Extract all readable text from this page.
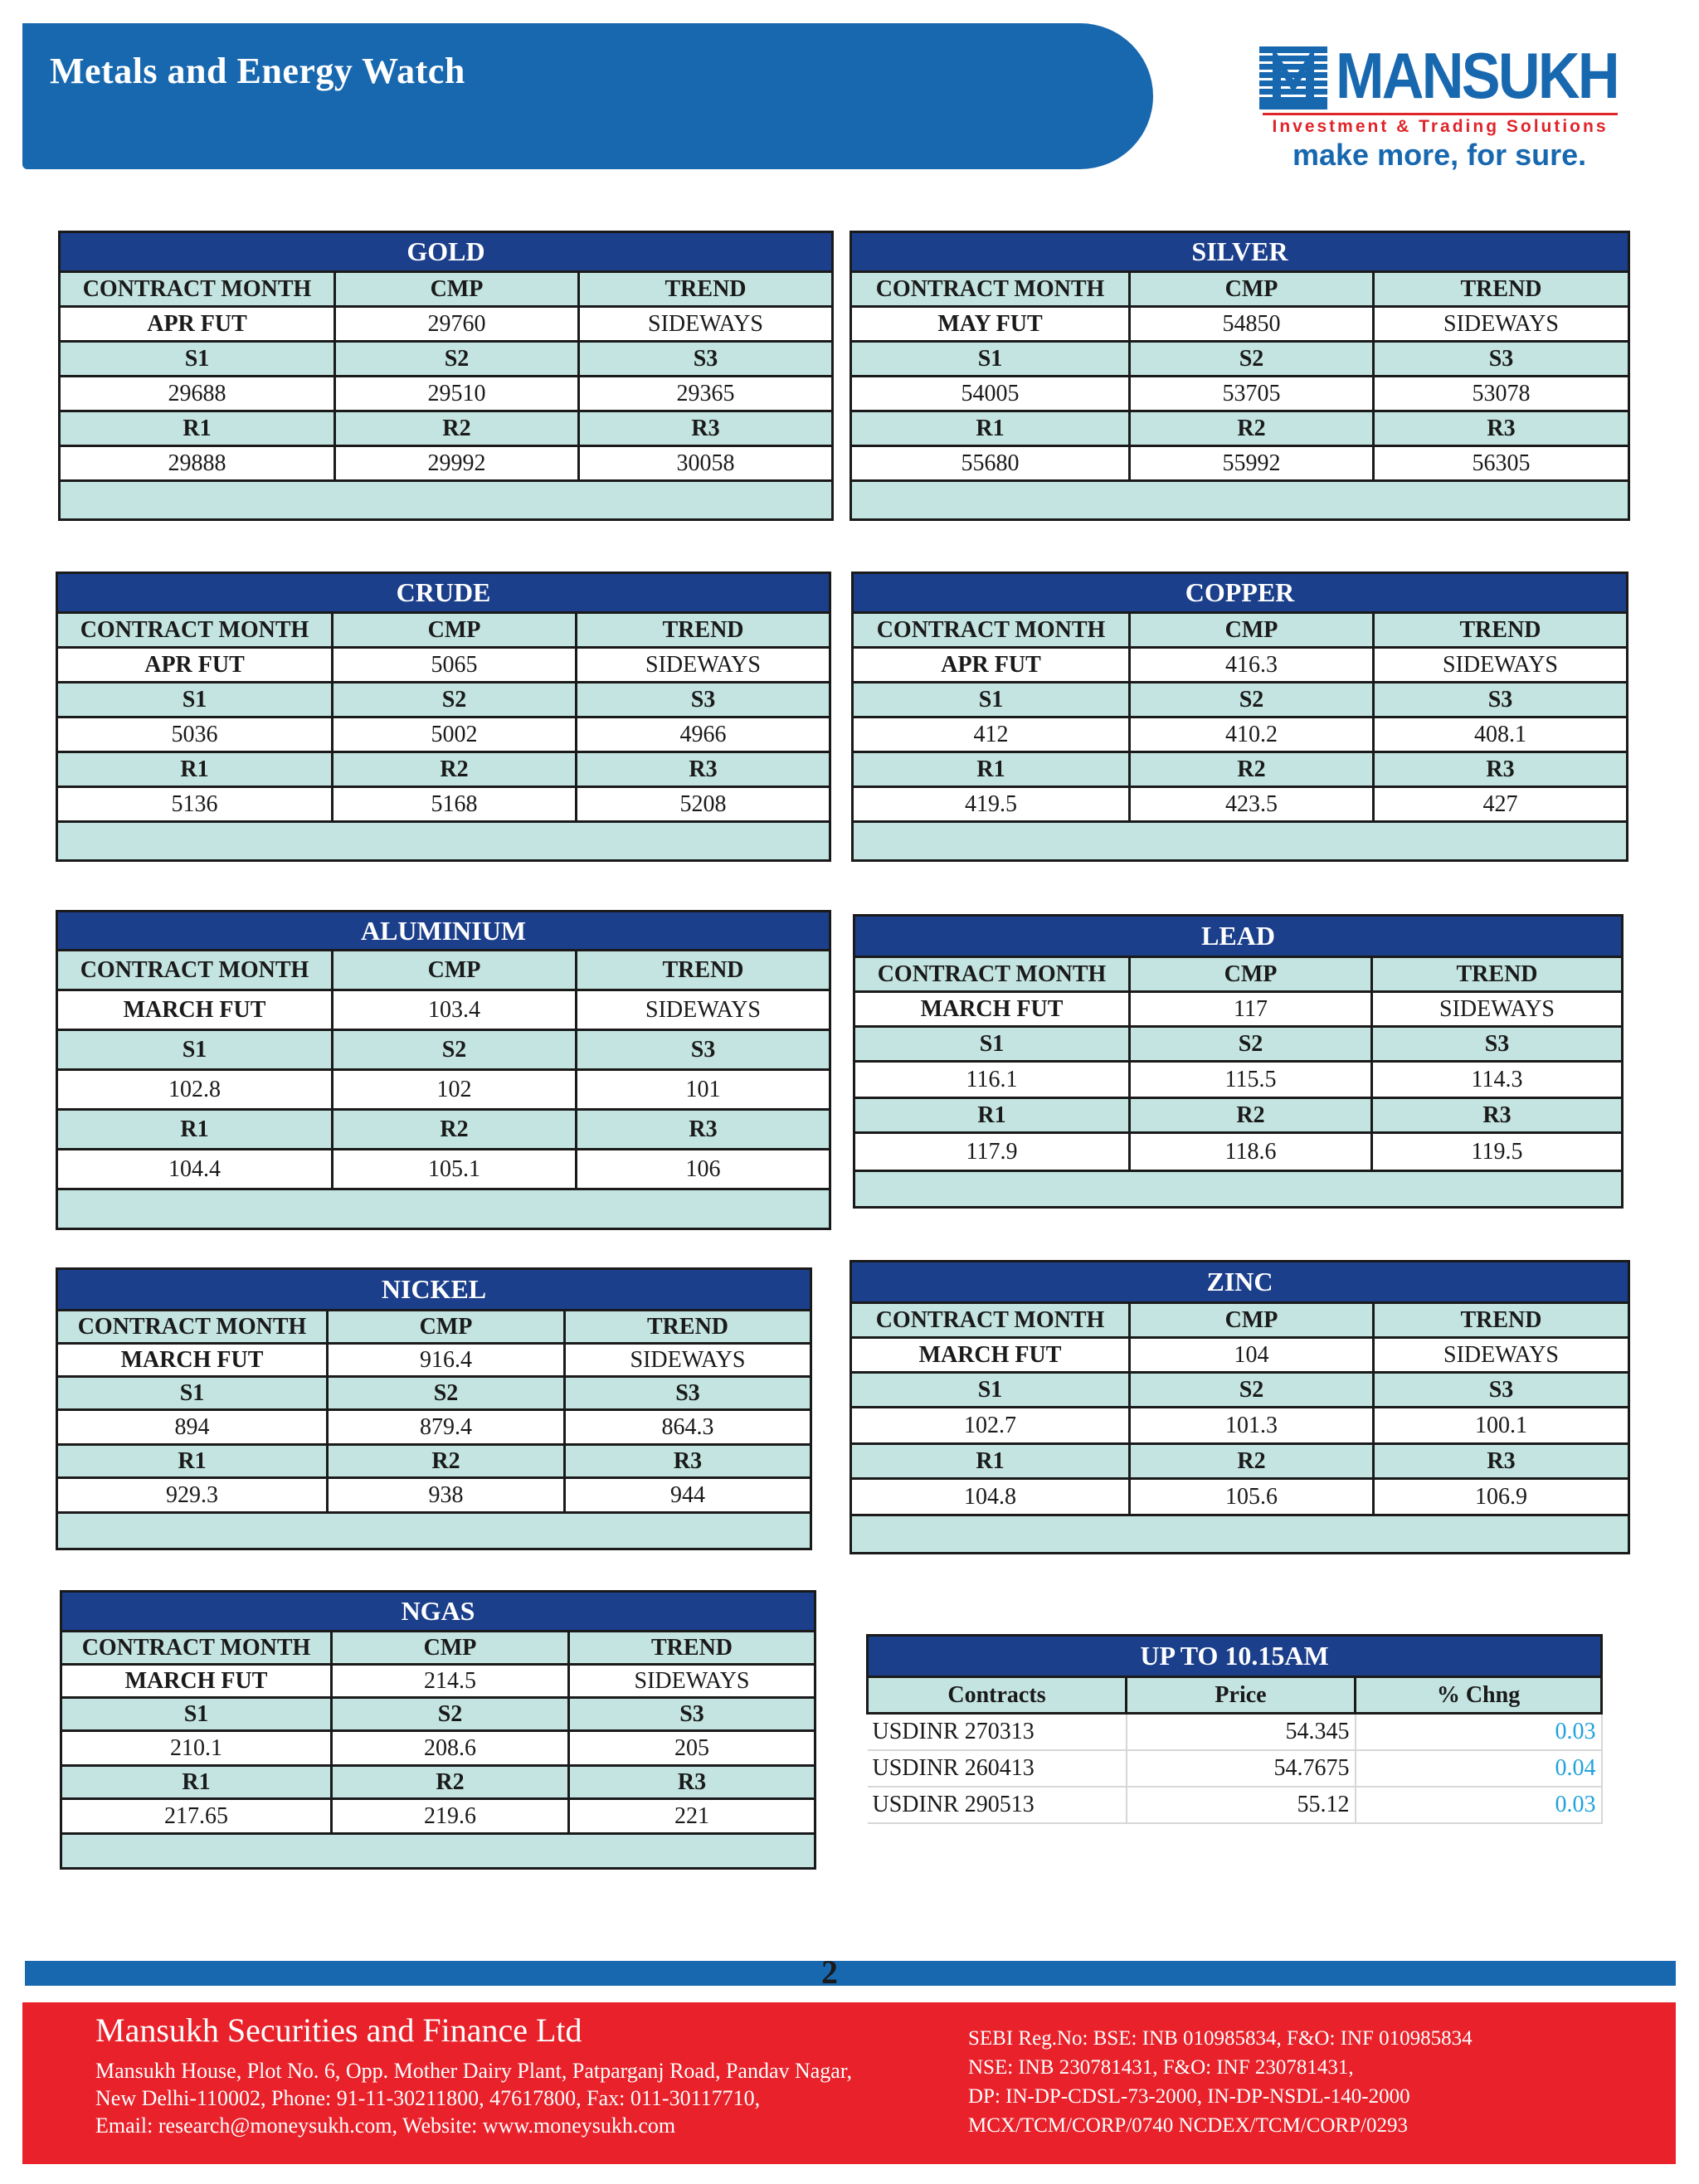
Metals and Energy Watch	MANSUKH
Investment & Trading Solutions
make more, for sure.
GOLD		
CONTRACT MONTH	CMP	TREND
APR FUT	29760	SIDEWAYS
S1	S2	S3
29688	29510	29365
R1	R2	R3
29888	29992	30058

SILVER		
CONTRACT MONTH	CMP	TREND
MAY FUT	54850	SIDEWAYS
S1	S2	S3
54005	53705	53078
R1	R2	R3
55680	55992	56305

CRUDE		
CONTRACT MONTH	CMP	TREND
APR FUT	5065	SIDEWAYS
S1	S2	S3
5036	5002	4966
R1	R2	R3
5136	5168	5208

COPPER		
CONTRACT MONTH	CMP	TREND
APR FUT	416.3	SIDEWAYS
S1	S2	S3
412	410.2	408.1
R1	R2	R3
419.5	423.5	427

ALUMINIUM		
CONTRACT MONTH	CMP	TREND
MARCH FUT	103.4	SIDEWAYS
S1	S2	S3
102.8	102	101
R1	R2	R3
104.4	105.1	106

LEAD		
CONTRACT MONTH	CMP	TREND
MARCH FUT	117	SIDEWAYS
S1	S2	S3
116.1	115.5	114.3
R1	R2	R3
117.9	118.6	119.5

NICKEL		
CONTRACT MONTH	CMP	TREND
MARCH FUT	916.4	SIDEWAYS
S1	S2	S3
894	879.4	864.3
R1	R2	R3
929.3	938	944

ZINC		
CONTRACT MONTH	CMP	TREND
MARCH FUT	104	SIDEWAYS
S1	S2	S3
102.7	101.3	100.1
R1	R2	R3
104.8	105.6	106.9

NGAS		
CONTRACT MONTH	CMP	TREND
MARCH FUT	214.5	SIDEWAYS
S1	S2	S3
210.1	208.6	205
R1	R2	R3
217.65	219.6	221

UP TO 10.15AM		
Contracts	Price	% Chng
USDINR 270313	54.345	0.03
USDINR 260413	54.7675	0.04
USDINR 290513	55.12	0.03
2
Mansukh Securities and Finance Ltd
Mansukh House, Plot No. 6, Opp. Mother Dairy Plant, Patparganj Road, Pandav Nagar,
New Delhi-110002, Phone: 91-11-30211800, 47617800, Fax: 011-30117710,
Email: research@moneysukh.com, Website: www.moneysukh.com
SEBI Reg.No: BSE: INB 010985834, F&O: INF 010985834
NSE: INB 230781431, F&O: INF 230781431,
DP: IN-DP-CDSL-73-2000, IN-DP-NSDL-140-2000
MCX/TCM/CORP/0740 NCDEX/TCM/CORP/0293
